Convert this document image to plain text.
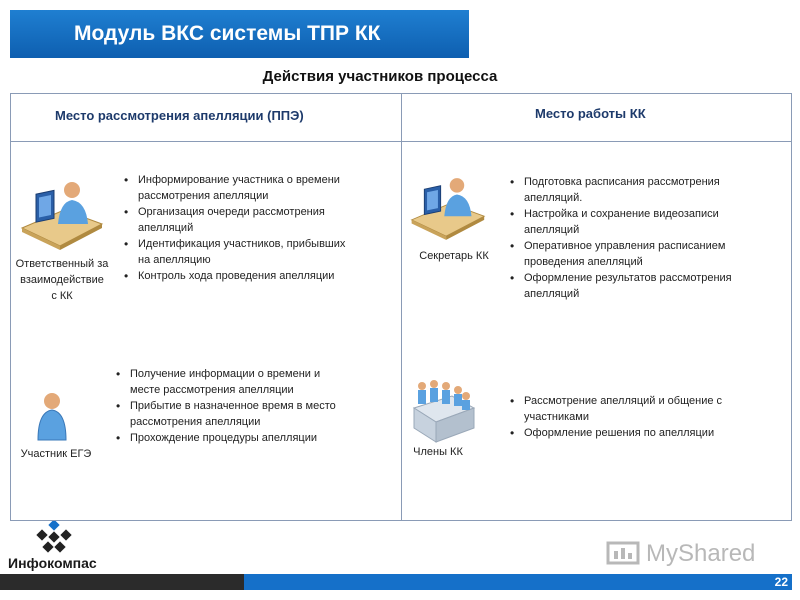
Модуль ВКС системы ТПР КК
Действия участников процесса
Место рассмотрения апелляции (ППЭ)	Место работы КК
Ответственный за
взаимодействие
с КК
• Информирование участника о времени
рассмотрения апелляции
• Организация очереди рассмотрения
апелляций
• Идентификация участников, прибывших
на апелляцию
• Контроль хода проведения апелляции
Участник ЕГЭ
• Получение информации о времени и
месте рассмотрения апелляции
• Прибытие в назначенное время в место
рассмотрения апелляции
• Прохождение процедуры апелляции
Секретарь КК
• Подготовка расписания рассмотрения
апелляций.
• Настройка и сохранение видеозаписи
апелляций
• Оперативное управления расписанием
проведения апелляций
• Оформление результатов рассмотрения
апелляций
Члены КК
• Рассмотрение апелляций и общение с
участниками
• Оформление решения по апелляции
Инфокомпас	MyShared
22
